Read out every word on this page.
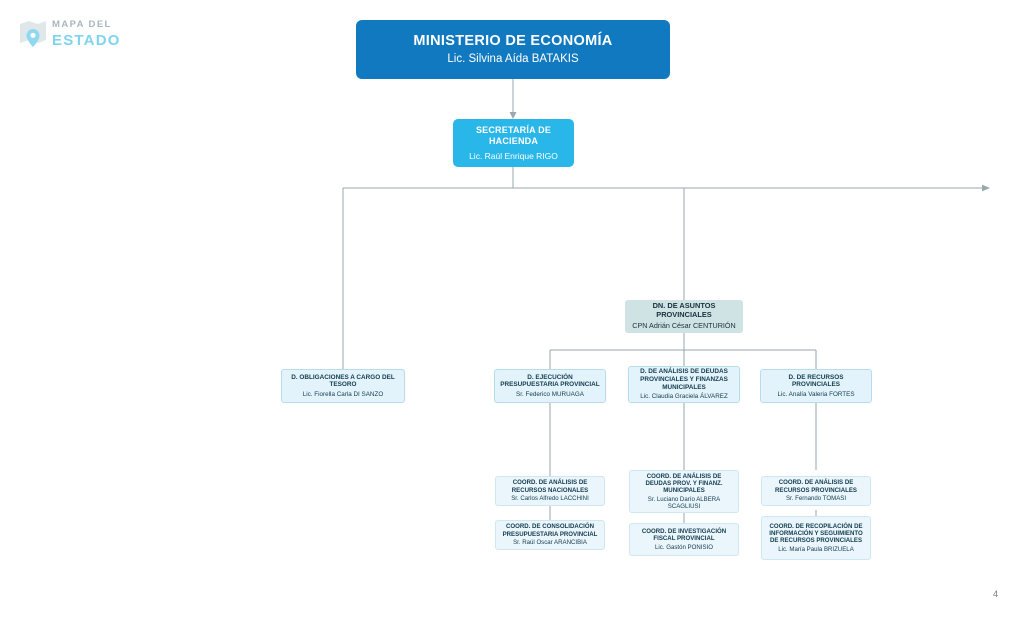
MAPA DEL
ESTADO	MINISTERIO DE ECONOMÍA
Lic. Silvina Aída BATAKIS
SECRETARÍA DE HACIENDA
Lic. Raúl Enrique RIGO
DN. DE ASUNTOS PROVINCIALES
CPN Adrián César CENTURIÓN
D. OBLIGACIONES A CARGO DEL TESORO
Lic. Fiorella Carla DI SANZO
D. EJECUCIÓN PRESUPUESTARIA PROVINCIAL
Sr. Federico MURUAGA
D. DE ANÁLISIS DE DEUDAS PROVINCIALES Y FINANZAS MUNICIPALES
Lic. Claudia Graciela ÁLVAREZ
D. DE RECURSOS PROVINCIALES
Lic. Analía Valeria FORTES
COORD. DE ANÁLISIS DE RECURSOS NACIONALES
Sr. Carlos Alfredo LACCHINI
COORD. DE CONSOLIDACIÓN PRESUPUESTARIA PROVINCIAL
Sr. Raúl Oscar ARANCIBIA
COORD. DE ANÁLISIS DE DEUDAS PROV. Y FINANZ. MUNICIPALES
Sr. Luciano Darío ALBERA SCAGLIUSI
COORD. DE INVESTIGACIÓN FISCAL PROVINCIAL
Lic. Gastón PONISIO
COORD. DE ANÁLISIS DE RECURSOS PROVINCIALES
Sr. Fernando TOMASI
COORD. DE RECOPILACIÓN DE INFORMACIÓN Y SEGUIMIENTO DE RECURSOS PROVINCIALES
Lic. María Paula BRIZUELA
4
